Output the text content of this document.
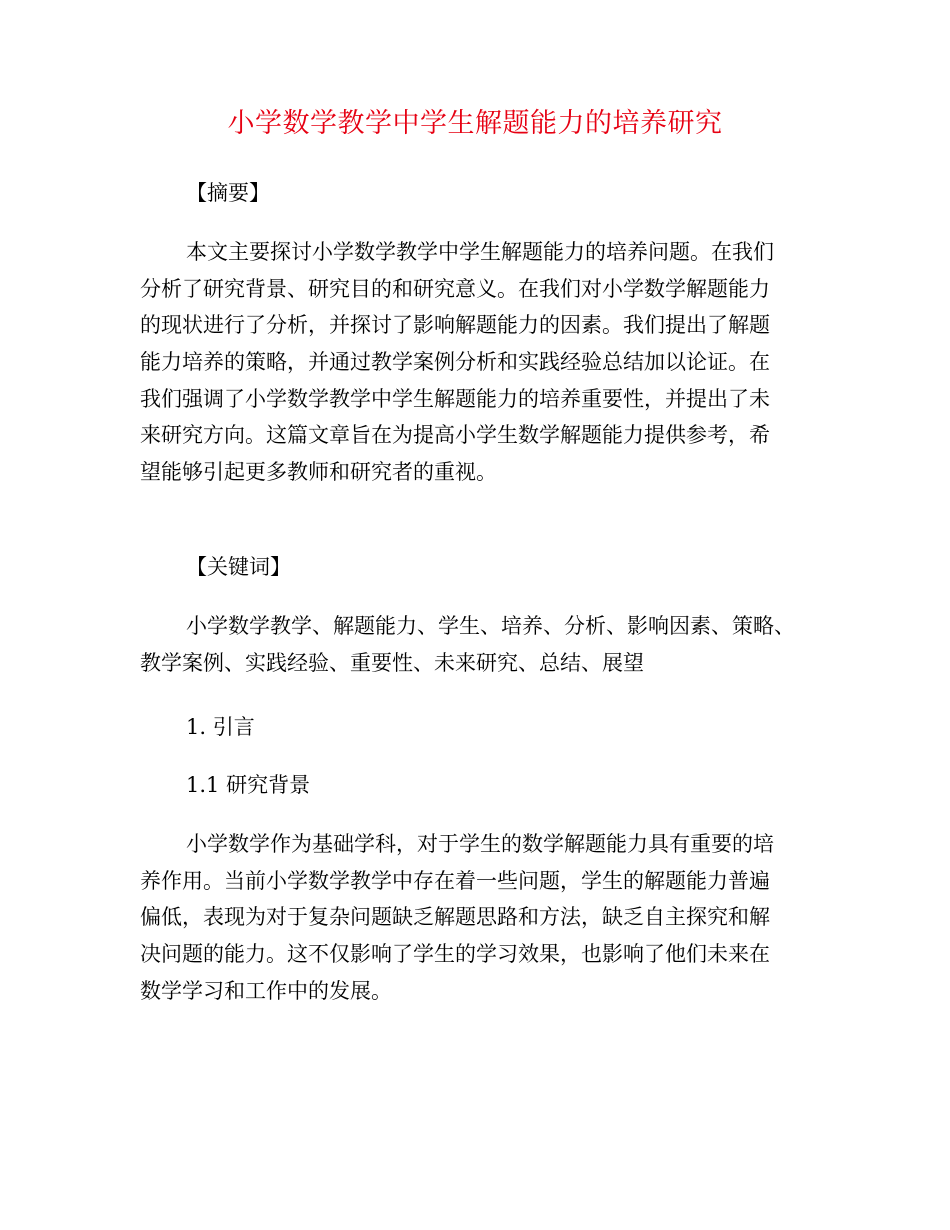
小学数学教学中学生解题能力的培养研究
【摘要】
本文主要探讨小学数学教学中学生解题能力的培养问题。在我们
分析了研究背景、研究目的和研究意义。在我们对小学数学解题能力
的现状进行了分析，并探讨了影响解题能力的因素。我们提出了解题
能力培养的策略，并通过教学案例分析和实践经验总结加以论证。在
我们强调了小学数学教学中学生解题能力的培养重要性，并提出了未
来研究方向。这篇文章旨在为提高小学生数学解题能力提供参考，希
望能够引起更多教师和研究者的重视。
【关键词】
小学数学教学、解题能力、学生、培养、分析、影响因素、策略、
教学案例、实践经验、重要性、未来研究、总结、展望
1. 引言
1.1 研究背景
小学数学作为基础学科，对于学生的数学解题能力具有重要的培
养作用。当前小学数学教学中存在着一些问题，学生的解题能力普遍
偏低，表现为对于复杂问题缺乏解题思路和方法，缺乏自主探究和解
决问题的能力。这不仅影响了学生的学习效果，也影响了他们未来在
数学学习和工作中的发展。
